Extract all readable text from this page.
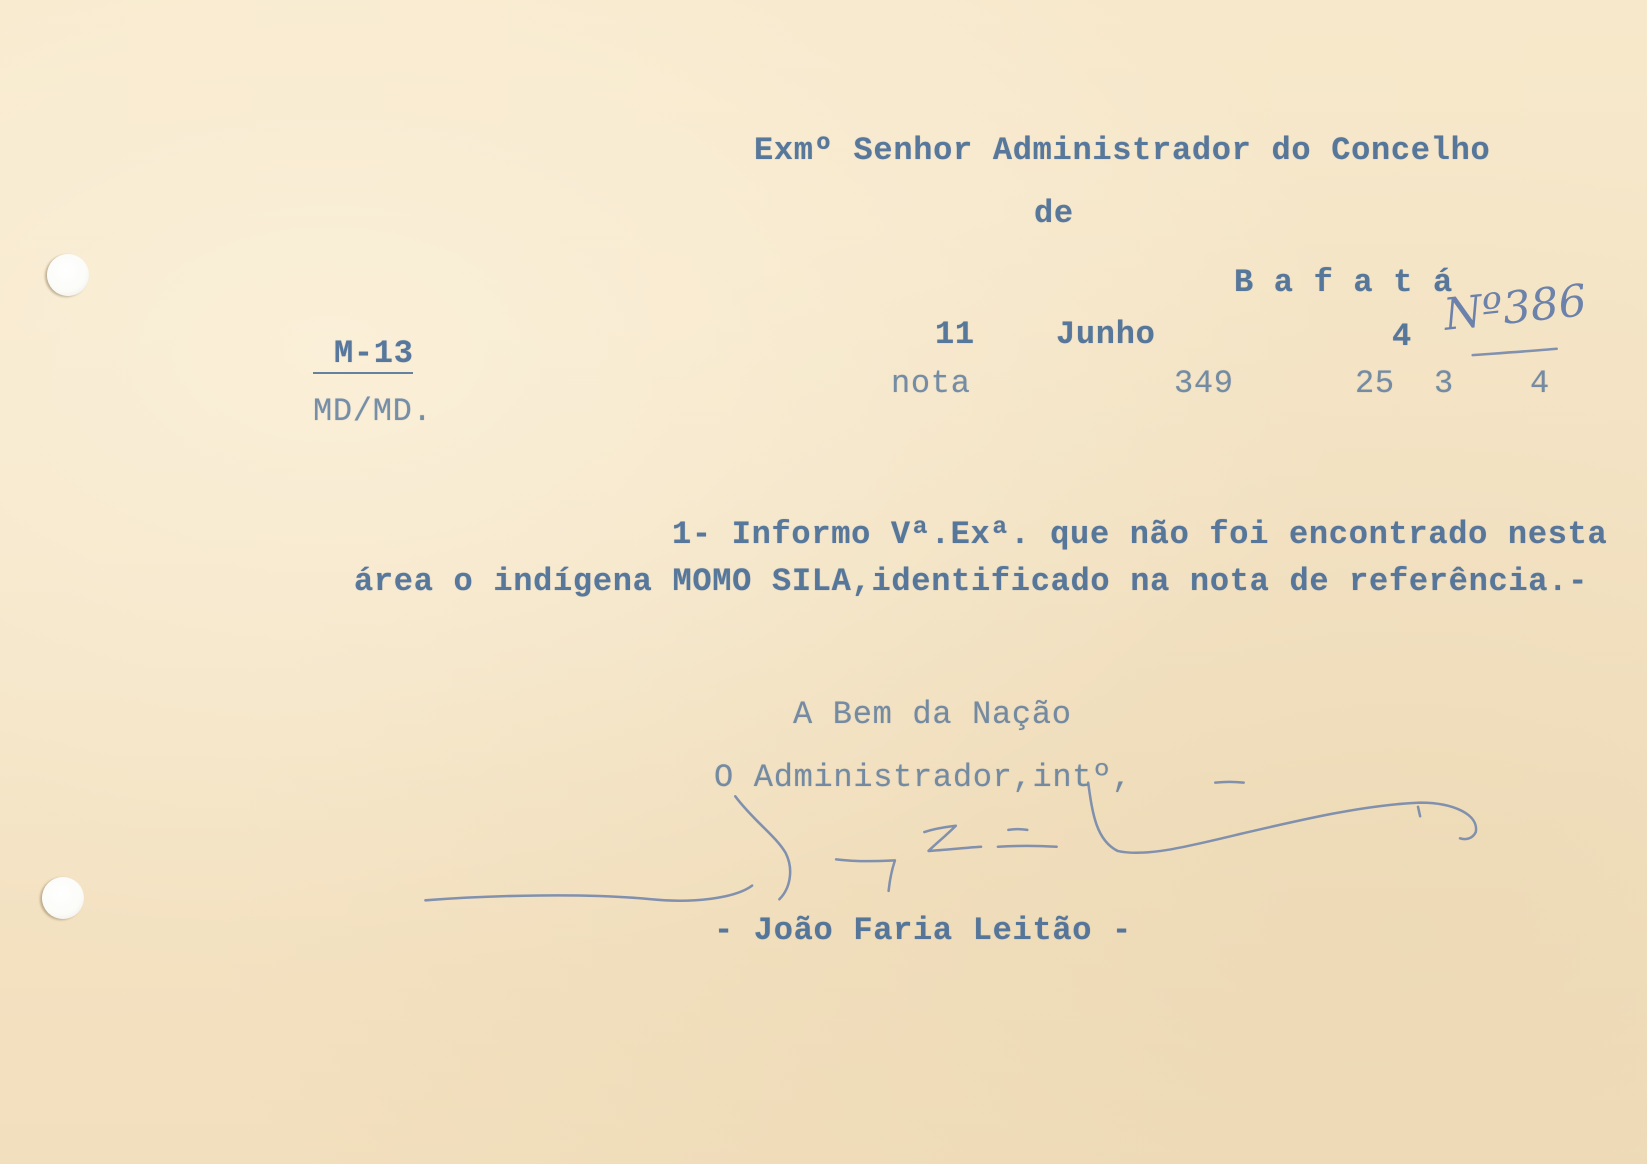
Exmº Senhor Administrador do Concelho
de
B a f a t á
M-13
MD/MD.
11	Junho	4 Nº386
nota	349	25 3 4
1- Informo Vª.Exª. que não foi encontrado nesta
área o indígena MOMO SILA,identificado na nota de referência.-
A Bem da Nação
O Administrador,intº,
- João Faria Leitão -
